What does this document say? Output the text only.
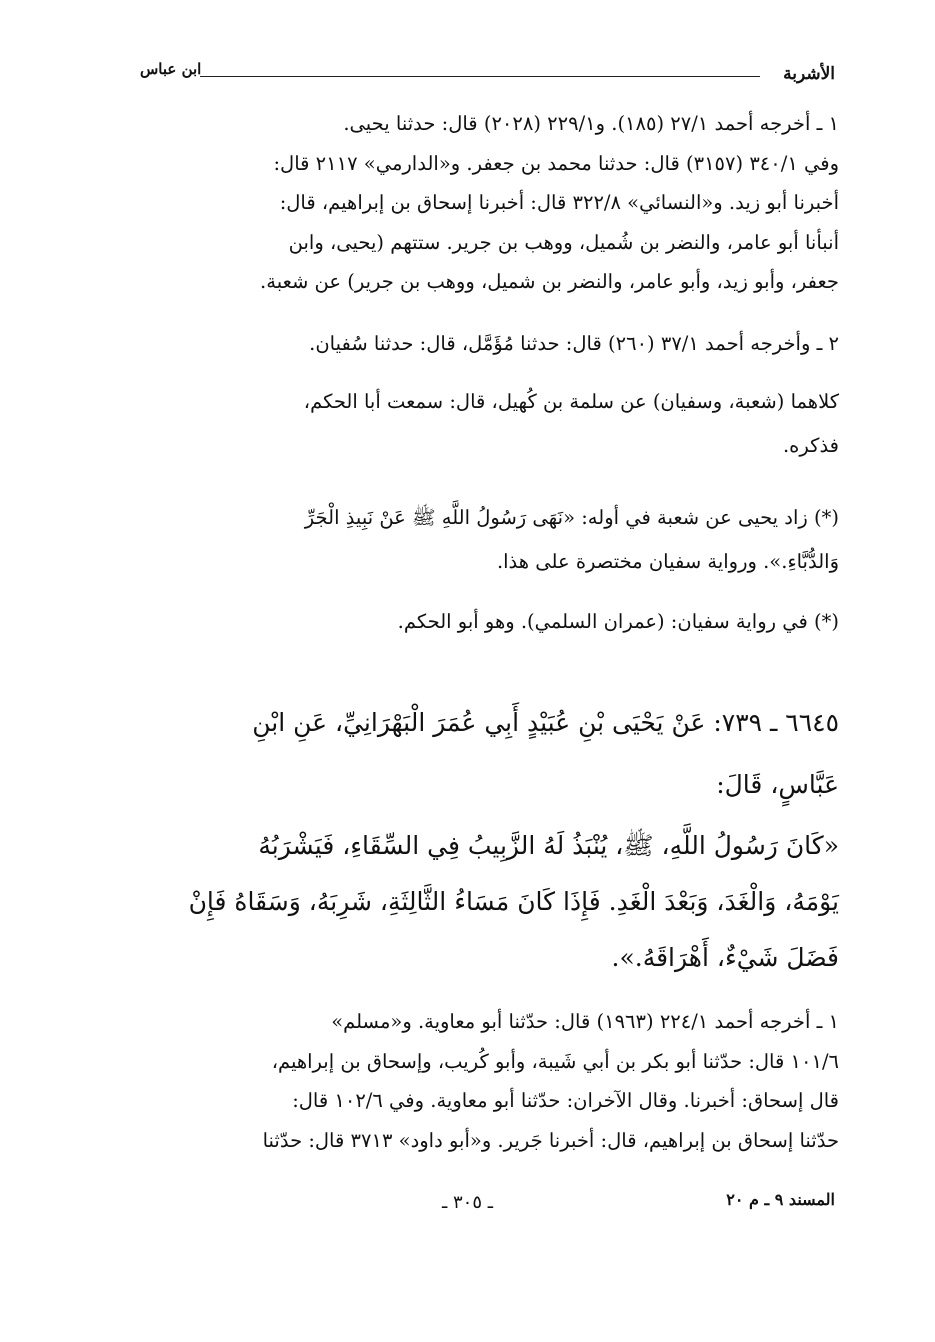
الأشربة
ابن عباس
١ ـ أخرجه أحمد ٢٧/١ (١٨٥). و٢٢٩/١ (٢٠٢٨) قال: حدثنا يحيى.
وفي ٣٤٠/١ (٣١٥٧) قال: حدثنا محمد بن جعفر. و«الدارمي» ٢١١٧ قال:
أخبرنا أبو زيد. و«النسائي» ٣٢٢/٨ قال: أخبرنا إسحاق بن إبراهيم، قال:
أنبأنا أبو عامر، والنضر بن شُميل، ووهب بن جرير. ستتهم (يحيى، وابن
جعفر، وأبو زيد، وأبو عامر، والنضر بن شميل، ووهب بن جرير) عن شعبة.
٢ ـ وأخرجه أحمد ٣٧/١ (٢٦٠) قال: حدثنا مُؤَمَّل، قال: حدثنا سُفيان.
كلاهما (شعبة، وسفيان) عن سلمة بن كُهيل، قال: سمعت أبا الحكم،
فذكره.
(*) زاد يحيى عن شعبة في أوله: «نَهَى رَسُولُ اللَّهِ ﷺ عَنْ نَبِيذِ الْجَرِّ
وَالدُّبَّاءِ.». ورواية سفيان مختصرة على هذا.
(*) في رواية سفيان: (عمران السلمي). وهو أبو الحكم.
٦٦٤٥ ـ ٧٣٩: عَنْ يَحْيَى بْنِ عُبَيْدٍ أَبِي عُمَرَ الْبَهْرَانِيِّ، عَنِ ابْنِ
عَبَّاسٍ، قَالَ:
«كَانَ رَسُولُ اللَّهِ، ﷺ، يُنْبَذُ لَهُ الزَّبِيبُ فِي السِّقَاءِ، فَيَشْرَبُهُ
يَوْمَهُ، وَالْغَدَ، وَبَعْدَ الْغَدِ. فَإِذَا كَانَ مَسَاءُ الثَّالِثَةِ، شَرِبَهُ، وَسَقَاهُ فَإِنْ
فَضَلَ شَيْءٌ، أَهْرَاقَهُ.».
١ ـ أخرجه أحمد ٢٢٤/١ (١٩٦٣) قال: حدّثنا أبو معاوية. و«مسلم»
١٠١/٦ قال: حدّثنا أبو بكر بن أبي شَيبة، وأبو كُريب، وإسحاق بن إبراهيم،
قال إسحاق: أخبرنا. وقال الآخران: حدّثنا أبو معاوية. وفي ١٠٢/٦ قال:
حدّثنا إسحاق بن إبراهيم، قال: أخبرنا جَرير. و«أبو داود» ٣٧١٣ قال: حدّثنا
المسند ٩ ـ م ٢٠
ـ ٣٠٥ ـ
